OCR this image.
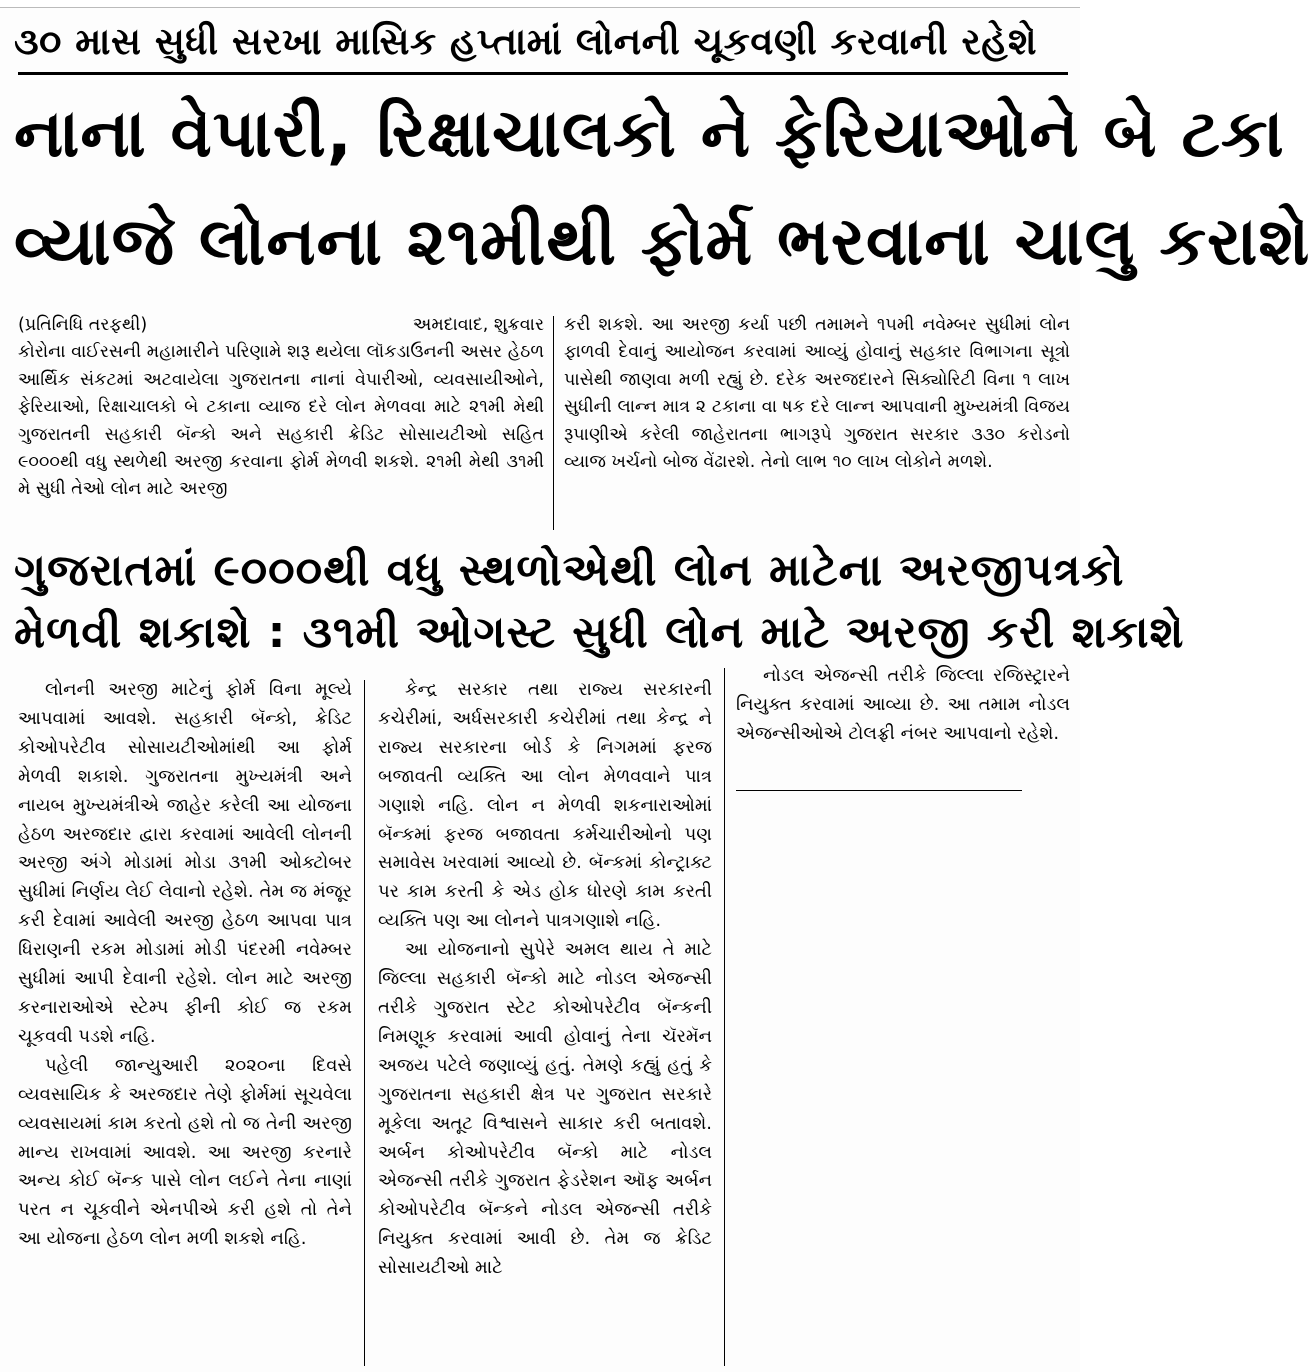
૩૦ માસ સુધી સરખા માસિક હપ્તામાં લોનની ચૂકવણી કરવાની રહેશે
નાના વેપારી, રિક્ષાચાલકો ને ફેરિયાઓને બે ટકા
વ્યાજે લોનના ૨૧મીથી ફોર્મ ભરવાના ચાલુ કરાશે
(પ્રતિનિધિ તરફથી)	અમદાવાદ, શુક્રવાર
કોરોના વાઈરસની મહામારીને પરિણામે શરૂ થયેલા લૉકડાઉનની અસર હેઠળ આર્થિક સંકટમાં અટવાયેલા ગુજરાતના નાનાં વેપારીઓ, વ્યવસાયીઓને, ફેરિયાઓ, રિક્ષાચાલકો બે ટકાના વ્યાજ દરે લોન મેળવવા માટે ૨૧મી મેથી ગુજરાતની સહકારી બૅન્કો અને સહકારી ક્રેડિટ સોસાયટીઓ સહિત ૯૦૦૦થી વધુ સ્થળેથી અરજી કરવાના ફોર્મ મેળવી શકશે. ૨૧મી મેથી ૩૧મી મે સુધી તેઓ લોન માટે અરજી
કરી શકશે. આ અરજી કર્યા પછી તમામને ૧૫મી નવેમ્બર સુધીમાં લોન ફાળવી દેવાનું આયોજન કરવામાં આવ્યું હોવાનું સહકાર વિભાગના સૂત્રો પાસેથી જાણવા મળી રહ્યું છે. દરેક અરજદારને સિક્યોરિટી વિના ૧ લાખ સુધીની લાન્ન માત્ર ૨ ટકાના વા ષક દરે લાન્ન આપવાની મુખ્યમંત્રી વિજય રૂપાણીએ કરેલી જાહેરાતના ભાગરૂપે ગુજરાત સરકાર ૩૩૦ કરોડનો વ્યાજ ખર્ચનો બોજ વેંઢારશે. તેનો લાભ ૧૦ લાખ લોકોને મળશે.
ગુજરાતમાં ૯૦૦૦થી વધુ સ્થળોએથી લોન માટેના અરજીપત્રકો
મેળવી શકાશે : ૩૧મી ઓગસ્ટ સુધી લોન માટે અરજી કરી શકાશે

લોનની અરજી માટેનું ફોર્મ વિના મૂલ્યે આપવામાં આવશે. સહકારી બૅન્કો, ક્રેડિટ કોઓપરેટીવ સોસાયટીઓમાંથી આ ફોર્મ મેળવી શકાશે. ગુજરાતના મુખ્યમંત્રી અને નાયબ મુખ્યમંત્રીએ જાહેર કરેલી આ યોજના હેઠળ અરજદાર દ્વારા કરવામાં આવેલી લોનની અરજી અંગે મોડામાં મોડા ૩૧મી ઓક્ટોબર સુધીમાં નિર્ણય લેઈ લેવાનો રહેશે. તેમ જ મંજૂર કરી દેવામાં આવેલી અરજી હેઠળ આપવા પાત્ર ધિરાણની રકમ મોડામાં મોડી પંદરમી નવેમ્બર સુધીમાં આપી દેવાની રહેશે. લોન માટે અરજી કરનારાઓએ સ્ટેમ્પ ફીની કોઈ જ રકમ ચૂકવવી પડશે નહિ.

પહેલી જાન્યુઆરી ૨૦૨૦ના દિવસે વ્યવસાયિક કે અરજદાર તેણે ફોર્મમાં સૂચવેલા વ્યવસાયમાં કામ કરતો હશે તો જ તેની અરજી માન્ય રાખવામાં આવશે. આ અરજી કરનારે અન્ય કોઈ બૅન્ક પાસે લોન લઈને તેના નાણાં પરત ન ચૂકવીને એનપીએ કરી હશે તો તેને આ યોજના હેઠળ લોન મળી શકશે નહિ.

કેન્દ્ર સરકાર તથા રાજ્ય સરકારની કચેરીમાં, અર્ધસરકારી કચેરીમાં તથા કેન્દ્ર ને રાજ્ય સરકારના બોર્ડ કે નિગમમાં ફરજ બજાવતી વ્યક્તિ આ લોન મેળવવાને પાત્ર ગણાશે નહિ. લોન ન મેળવી શકનારાઓમાં બૅન્કમાં ફરજ બજાવતા કર્મચારીઓનો પણ સમાવેસ ખરવામાં આવ્યો છે. બૅન્કમાં કોન્ટ્રાક્ટ પર કામ કરતી કે એડ હોક ધોરણે કામ કરતી વ્યક્તિ પણ આ લોનને પાત્રગણાશે નહિ.

આ યોજનાનો સુપેરે અમલ થાય તે માટે જિલ્લા સહકારી બૅન્કો માટે નોડલ એજન્સી તરીકે ગુજરાત સ્ટેટ કોઓપરેટીવ બૅન્કની નિમણૂક કરવામાં આવી હોવાનું તેના ચૅરમૅન અજય પટેલે જણાવ્યું હતું. તેમણે કહ્યું હતું કે ગુજરાતના સહકારી ક્ષેત્ર પર ગુજરાત સરકારે મૂકેલા અતૂટ વિશ્વાસને સાકાર કરી બતાવશે. અર્બન કોઓપરેટીવ બૅન્કો માટે નોડલ એજન્સી તરીકે ગુજરાત ફેડરેશન ઑફ અર્બન કોઓપરેટીવ બૅન્કને નોડલ એજન્સી તરીકે નિયુક્ત કરવામાં આવી છે. તેમ જ ક્રેડિટ સોસાયટીઓ માટે

નોડલ એજન્સી તરીકે જિલ્લા રજિસ્ટ્રારને નિયુક્ત કરવામાં આવ્યા છે. આ તમામ નોડલ એજન્સીઓએ ટોલફ્રી નંબર આપવાનો રહેશે.
